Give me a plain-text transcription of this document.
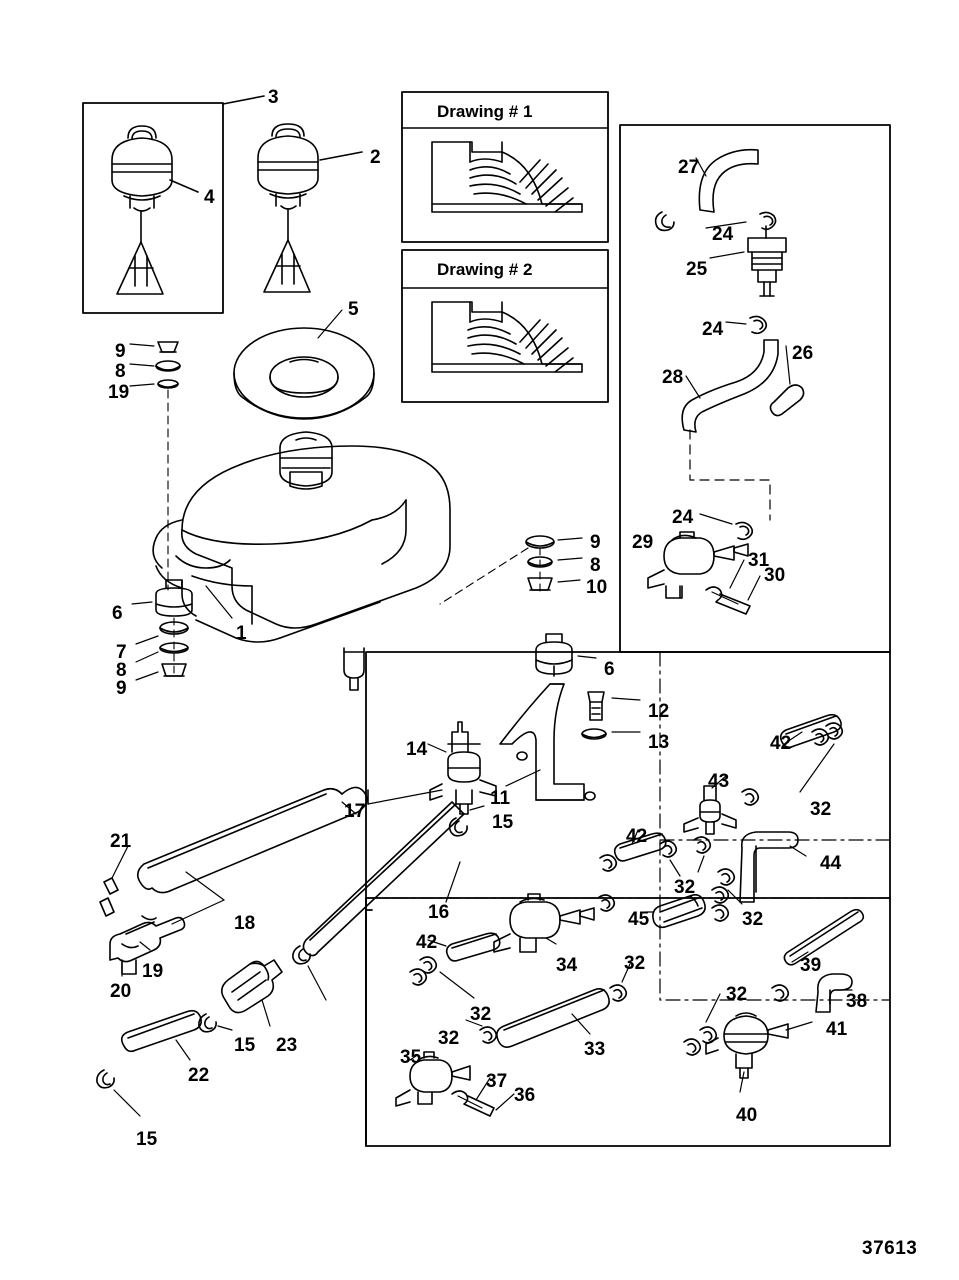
Drawing # 1
Drawing # 2
3
2
4
5
9
8
19
27
24
25
24
26
28
24
29
31
30
9
8
10
6
1
7
8
9
6
12
13
14
11
15
42
43
32
17
21	42
44
32
32
45
18
16
42
19	39
20
34 32
32
32	38
23
15
41
32
33
22
35
37
36
40
15
37613
